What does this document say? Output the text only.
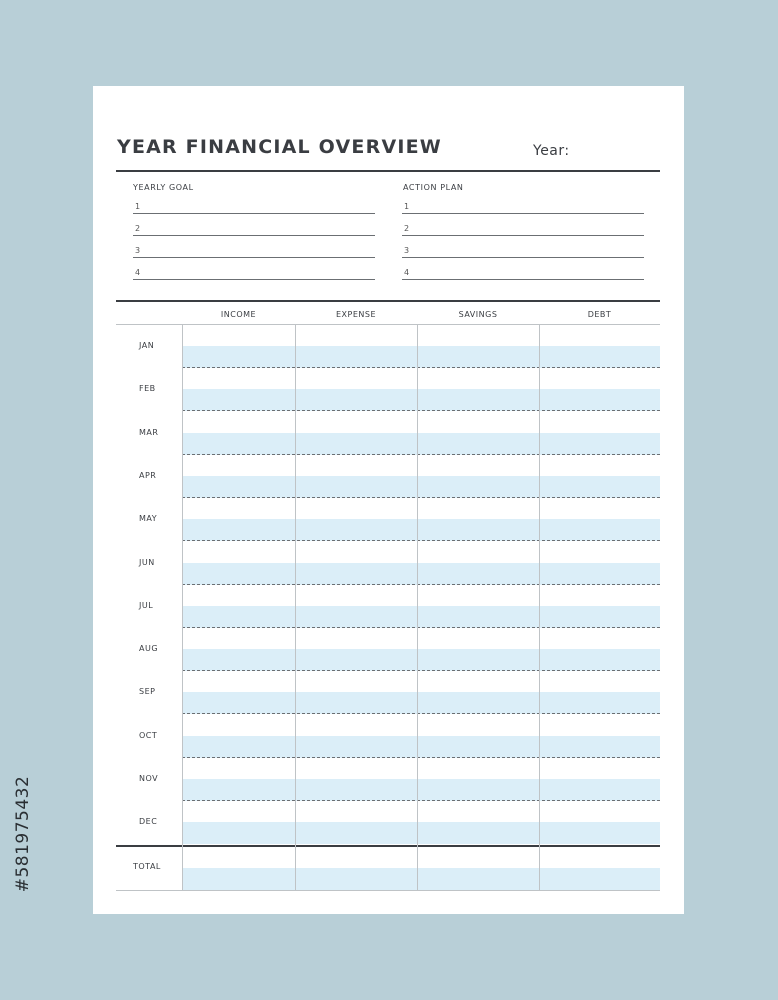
#581975432
YEAR FINANCIAL OVERVIEW	Year:
YEARLY GOAL	ACTION PLAN
1
2
3
4
1
2
3
4
INCOME	EXPENSE	SAVINGS	DEBT
JAN
FEB
MAR
APR
MAY
JUN
JUL
AUG
SEP
OCT
NOV
DEC
TOTAL
